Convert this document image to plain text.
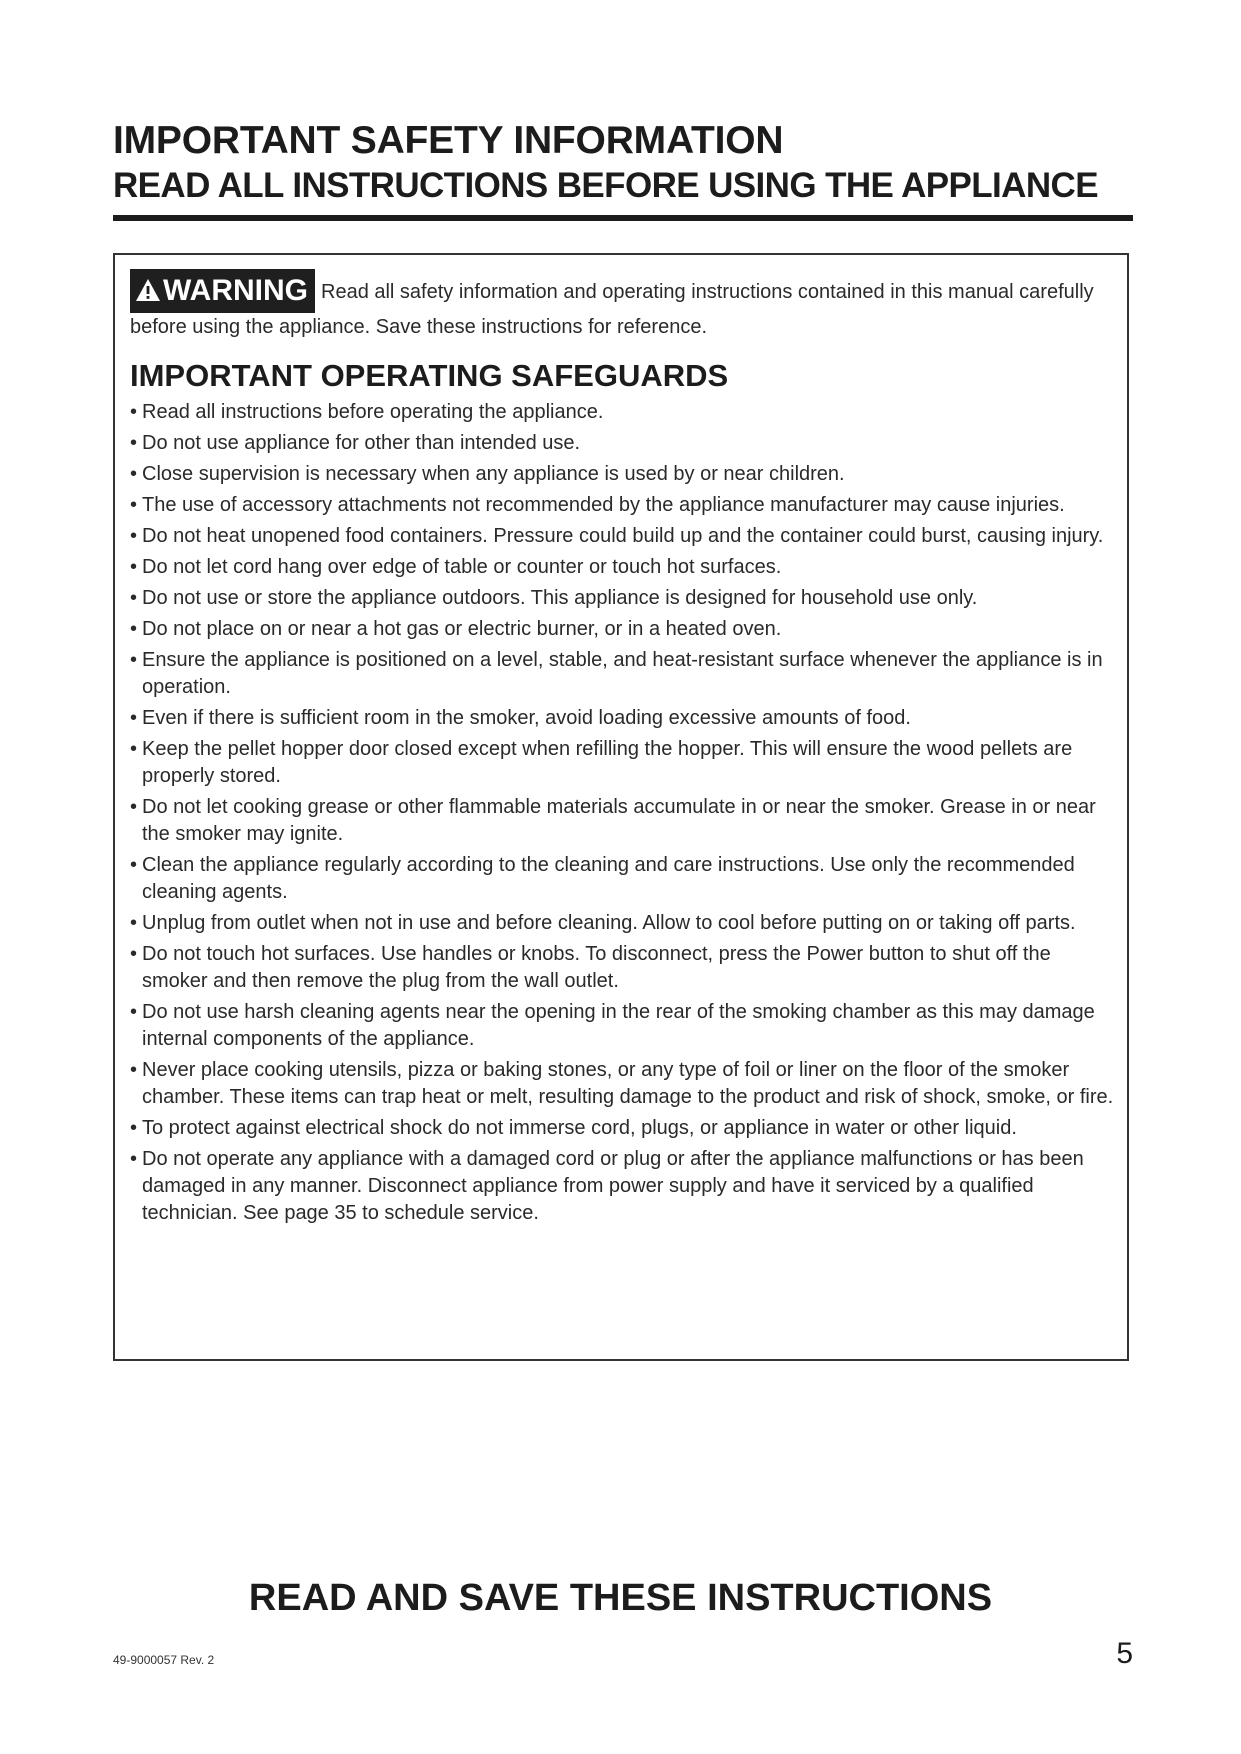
IMPORTANT SAFETY INFORMATION
READ ALL INSTRUCTIONS BEFORE USING THE APPLIANCE
WARNING Read all safety information and operating instructions contained in this manual carefully before using the appliance. Save these instructions for reference.
IMPORTANT OPERATING SAFEGUARDS
• Read all instructions before operating the appliance.
• Do not use appliance for other than intended use.
• Close supervision is necessary when any appliance is used by or near children.
• The use of accessory attachments not recommended by the appliance manufacturer may cause injuries.
• Do not heat unopened food containers. Pressure could build up and the container could burst, causing injury.
• Do not let cord hang over edge of table or counter or touch hot surfaces.
• Do not use or store the appliance outdoors. This appliance is designed for household use only.
• Do not place on or near a hot gas or electric burner, or in a heated oven.
• Ensure the appliance is positioned on a level, stable, and heat-resistant surface whenever the appliance is in operation.
• Even if there is sufficient room in the smoker, avoid loading excessive amounts of food.
• Keep the pellet hopper door closed except when refilling the hopper. This will ensure the wood pellets are properly stored.
• Do not let cooking grease or other flammable materials accumulate in or near the smoker. Grease in or near the smoker may ignite.
• Clean the appliance regularly according to the cleaning and care instructions. Use only the recommended cleaning agents.
• Unplug from outlet when not in use and before cleaning. Allow to cool before putting on or taking off parts.
• Do not touch hot surfaces. Use handles or knobs. To disconnect, press the Power button to shut off the smoker and then remove the plug from the wall outlet.
• Do not use harsh cleaning agents near the opening in the rear of the smoking chamber as this may damage internal components of the appliance.
• Never place cooking utensils, pizza or baking stones, or any type of foil or liner on the floor of the smoker chamber. These items can trap heat or melt, resulting damage to the product and risk of shock, smoke, or fire.
• To protect against electrical shock do not immerse cord, plugs, or appliance in water or other liquid.
• Do not operate any appliance with a damaged cord or plug or after the appliance malfunctions or has been damaged in any manner. Disconnect appliance from power supply and have it serviced by a qualified technician. See page 35 to schedule service.
READ AND SAVE THESE INSTRUCTIONS
49-9000057 Rev. 2	5
